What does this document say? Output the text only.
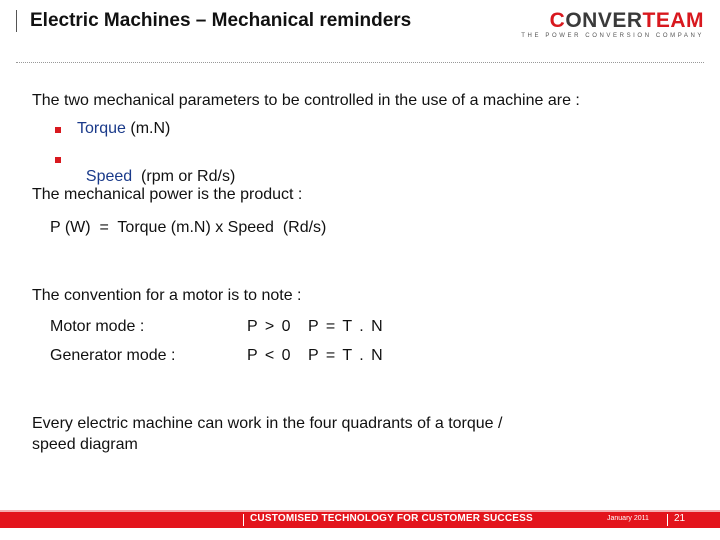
Electric Machines – Mechanical reminders	CONVERTEAM
THE POWER CONVERSION COMPANY
The two mechanical parameters to be controlled in the use of a machine are :
Torque (m.N)

Speed  (rpm or Rd/s)

The mechanical power is the product :
P (W)  =  Torque (m.N) x Speed  (Rd/s)
The convention for a motor is to note :
Motor mode :	P > 0 P = T . N
Generator mode :	P < 0 P = T . N
Every electric machine can work in the four quadrants of a torque /
speed diagram
CUSTOMISED TECHNOLOGY FOR CUSTOMER SUCCESS	January 2011	21
